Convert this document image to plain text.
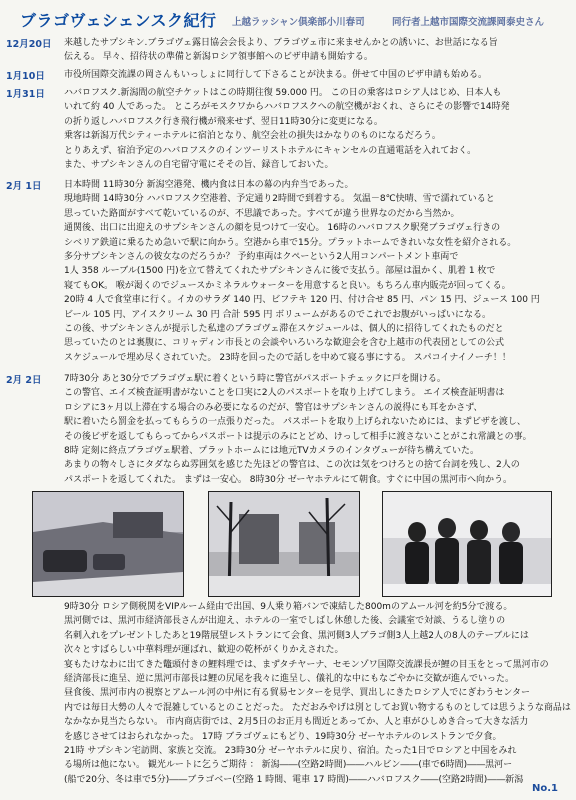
ブラゴヴェシェンスク紀行 上越ラッシャン倶楽部小川春司	同行者上越市国際交流課岡泰史さん
12月20日	来越したサプシキン.ブラゴヴェ露日協会会長より、ブラゴヴェ市に来ませんかとの誘いに、お世話になる旨
伝える。 早々、招待状の準備と新潟ロシア領事館へのビザ申請も開始する。
1月10日	市役所国際交流課の岡さんもいっしょに同行して下さることが決まる。併せて中国のビザ申請も始める。
1月31日	ハバロフスク.新潟間の航空チケットはこの時期往復 59.000 円。 この日の乗客はロシア人はじめ、日本人も
いれて約 40 人であった。 ところがモスクワからハバロフスクへの航空機がおくれ、さらにその影響で14時発
の折り返しハバロフスク行き飛行機が飛来せず、翌日11時30分に変更になる。
乗客は新潟万代シティーホテルに宿泊となり、航空会社の損失はかなりのものになるだろう。
とりあえず、宿泊予定のハバロフスクのインツーリストホテルにキャンセルの直通電話を入れておく。
また、サプシキンさんの自宅留守電にそその旨、録音しておいた。
2月 1日	日本時間 11時30分 新潟空港発、機内食は日本の幕の内弁当であった。
現地時間 14時30分 ハバロフスク空港着、予定通り2時間で到着する。 気温－8℃快晴、雪で濡れていると
思っていた路面がすべて乾いているのが、不思議であった。すべてが違う世界なのだから当然か。
通関後、出口に出迎えのサプシキンさんの顔を見つけて一安心。 16時のハバロフスク駅発ブラゴヴェ行きの
シベリア鉄道に乗るため急いで駅に向かう。空港から車で15分。プラットホームできれいな女性を紹介される。
多分サプシキンさんの彼女なのだろうか？ 予約車両はクペーという2人用コンパートメント車両で
1人 358 ルーブル(1500 円)を立て替えてくれたサプシキンさんに後で支払う。部屋は温かく、肌着 1 枚で
寝てもOK。 喉が渇くのでジュースかミネラルウォーターを用意すると良い。もちろん車内販売が回ってくる。
20時 4 人で食堂車に行く。イカのサラダ 140 円、ビフテキ 120 円、付け合せ 85 円、パン 15 円、ジュース 100 円
ビール 105 円、アイスクリーム 30 円 合計 595 円 ボリュームがあるのでこれでお腹がいっぱいになる。
この後、サプシキンさんが提示した私達のブラゴヴェ滞在スケジュールは、個人的に招待してくれたものだと
思っていたのとは裏腹に、コリャディン市長との会談やいろいろな歓迎会を含む上越市の代表団としての公式
スケジュールで埋め尽くされていた。 23時を回ったので話しを中めて寝る事にする。 スパコイナイノーチ！！
2月 2日	7時30分 あと30分でブラゴヴェ駅に着くという時に警官がパスポートチェックに戸を開ける。
この警官、エイズ検査証明書がないことを口実に2人のパスポートを取り上げてしまう。 エイズ検査証明書は
ロシアに3ヶ月以上滞在する場合のみ必要になるのだが、警官はサプシキンさんの説得にも耳をかさず、
駅に着いたら罰金を払ってもらうの一点張りだった。 パスポートを取り上げられないためには、まずビザを渡し、
その後ビザを返してもらってからパスポートは提示のみにとどめ、けっして相手に渡さないことがこれ常識との事。
8時 定刻に終点ブラゴヴェ駅着、プラットホームには地元TVカメラのインタヴューが待ち構えていた。
あまりの物々しさにタダならぬ雰囲気を感じた先ほどの警官は、この次は気をつけろとの捨て台詞を残し、2人の
パスポートを返してくれた。 まずは一安心。 8時30分 ゼーヤホテルにて朝食。すぐに中国の黒河市へ向かう。
9時30分 ロシア側税関をVIPルーム経由で出国、9人乗り箱バンで凍結した800mのアムール河を約5分で渡る。
黒河側では、黒河市経済部長さんが出迎え、ホテルの一室でしばし休憩した後、会議室で対談、うるし塗りの
名刺入れをプレゼントしたあと19階展望レストランにて会食、黒河側3人ブラゴ側3人上越2人の8人のテーブルには
次々とすばらしい中華料理が運ばれ、歓迎の乾杯がくりかえされた。
宴もたけなわに出てきた鼈頭付きの鯉料理では、まずタチヤーナ、セモンゾワ国際交流課長が鯉の目玉をとって黒河市の
経済部長に進呈、逆に黒河市部長は鯉の尻尾を我々に進呈し、儀礼的な中にもなごやかに交歓が進んでいった。
昼食後、黒河市内の視察とアムール河の中州に有る貿易センターを見学、買出しにきたロシア人でにぎわうセンター
内では毎日大勢の人々で混雑しているとのことだった。 ただおみやげは別としてお買い物するものとしては思うような商品は
なかなか見当たらない。 市内商店街では、2月5日のお正月も間近とあってか、人と車がひしめき合って大きな活力
を感じさせてはおられなかった。 17時 ブラゴヴェにもどり、19時30分 ゼーヤホテルのレストランで夕食。
21時 サプシキン宅訪問、家族と交流。 23時30分 ゼーヤホテルに戻り、宿泊。たった1日でロシアと中国をみれ
る場所は他にない。 観光ルートに乞うご期待 ： 新潟――(空路2時間)――ハルビン――(車で6時間)――黒河ー
(船で20分、冬は車で5分)――ブラゴベー(空路 1 時間、電車 17 時間)――ハバロフスク――(空路2時間)――新潟
No.1
